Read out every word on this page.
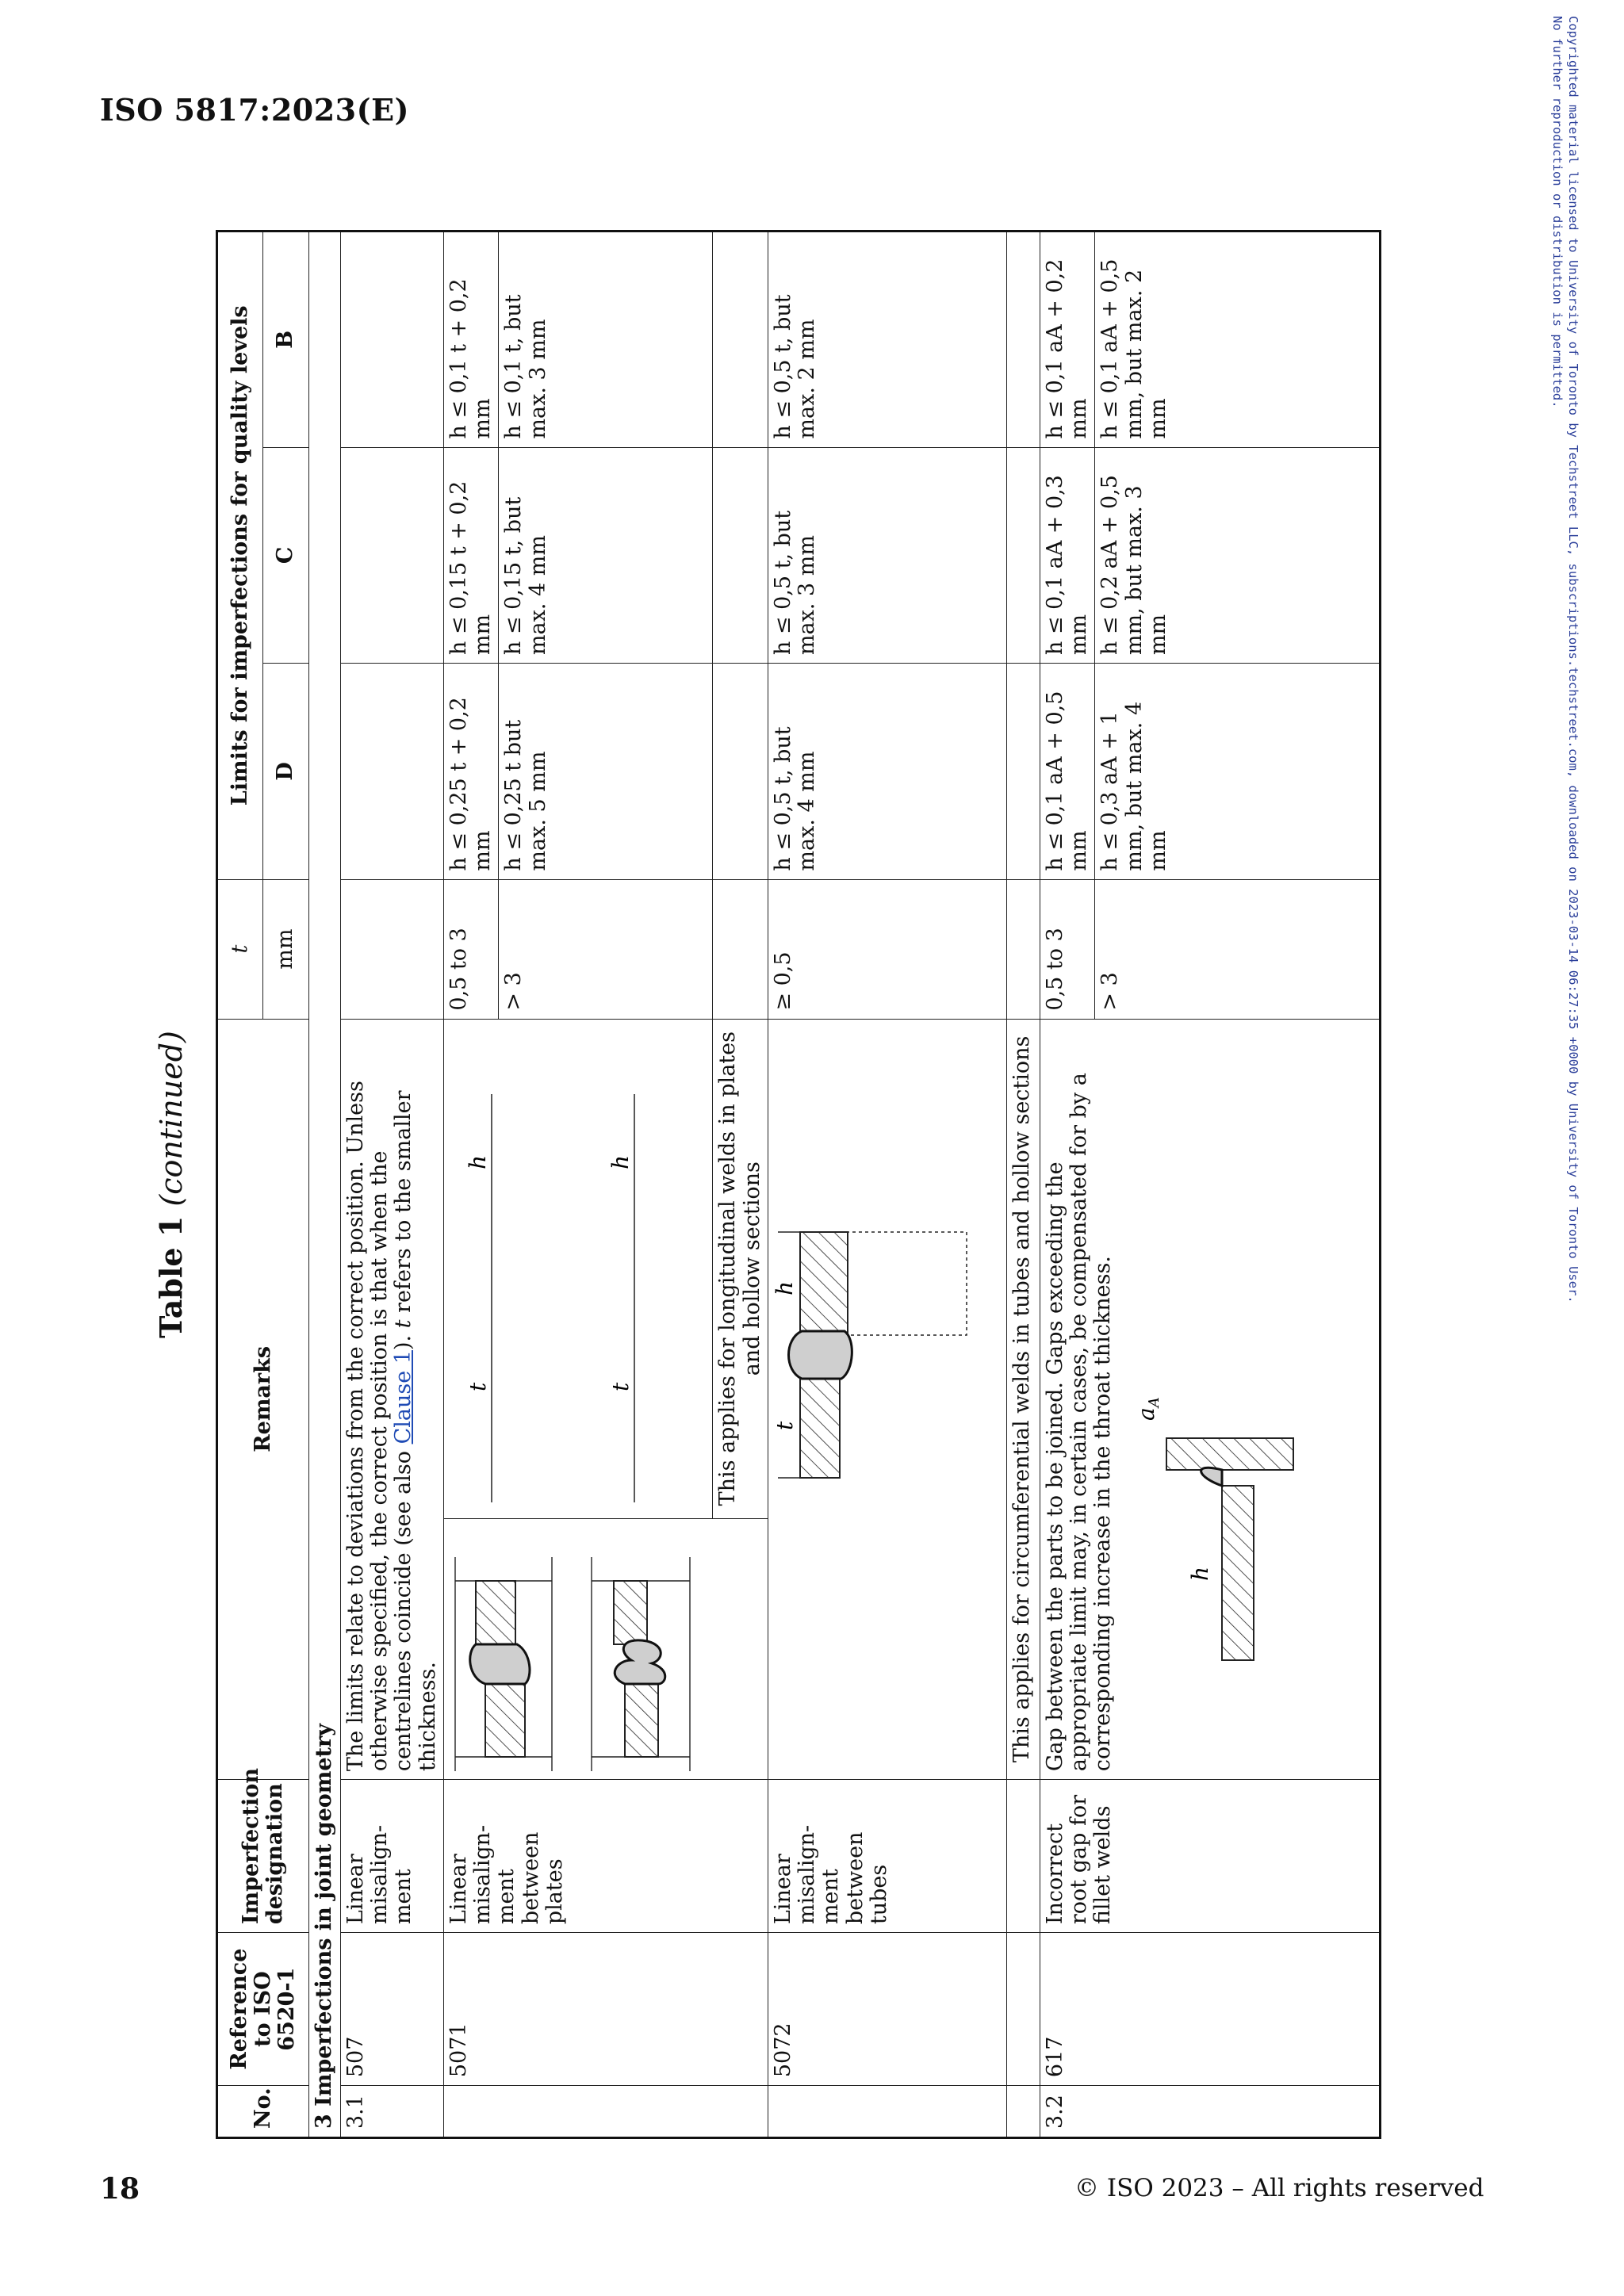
ISO 5817:2023(E)	Copyrighted material licensed to University of Toronto by Techstreet LLC, subscriptions.techstreet.com, downloaded on 2023-03-14 06:27:35 +0000 by University of Toronto User.
No further reproduction or distribution is permitted.
Table 1 (continued)
No.	Reference to ISO 6520-1	Imperfection designation	Remarks		t	Limits for imperfections for quality levels		
					mm	D	C	B
3 Imperfections in joint geometry								
3.1	507	Linear misalign-ment	The limits relate to deviations from the correct position. Unless otherwise specified, the correct position is that when the centrelines coincide (see also Clause 1). t refers to the smaller thickness.					
	5071	Linear misalign-ment between plates		t
h
t
h	0,5 to 3	h ≤ 0,25 t + 0,2 mm	h ≤ 0,15 t + 0,2 mm	h ≤ 0,1 t + 0,2 mm
					> 3	h ≤ 0,25 t but max. 5 mm	h ≤ 0,15 t, but max. 4 mm	h ≤ 0,1 t, but max. 3 mm
				This applies for longitudinal welds in plates and hollow sections				
	5072	Linear misalign-ment between tubes	t
h		≥ 0,5	h ≤ 0,5 t, but max. 4 mm	h ≤ 0,5 t, but max. 3 mm	h ≤ 0,5 t, but max. 2 mm
			This applies for circumferential welds in tubes and hollow sections					
3.2	617	Incorrect root gap for fillet welds	Gap between the parts to be joined. Gaps exceeding the appropriate limit may, in certain cases, be compensated for by a corresponding increase in the throat thickness. $a_A$
h		0,5 to 3	h ≤ 0,1 aA + 0,5 mm	h ≤ 0,1 aA + 0,3 mm	h ≤ 0,1 aA + 0,2 mm
					> 3	h ≤ 0,3 aA + 1 mm, but max. 4 mm	h ≤ 0,2 aA + 0,5 mm, but max. 3 mm	h ≤ 0,1 aA + 0,5 mm, but max. 2 mm
18	© ISO 2023 – All rights reserved
